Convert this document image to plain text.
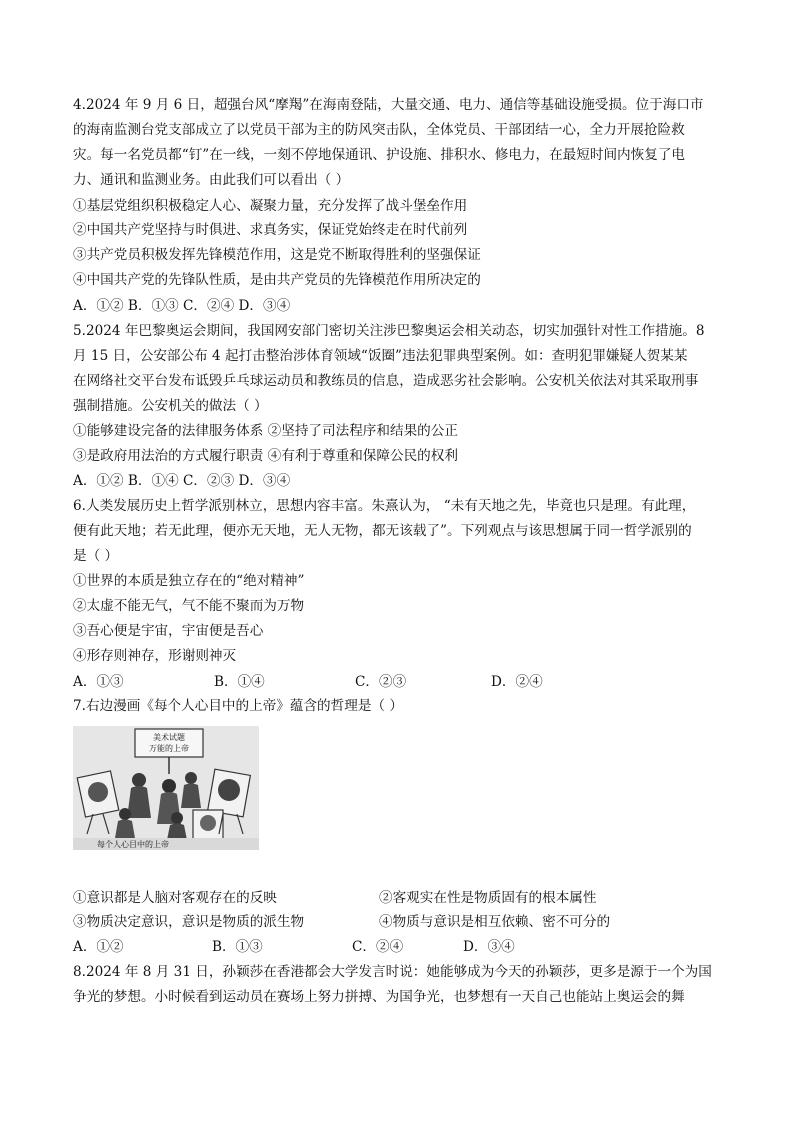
4.2024 年 9 月 6 日，超强台风“摩羯”在海南登陆，大量交通、电力、通信等基础设施受损。位于海口市
的海南监测台党支部成立了以党员干部为主的防风突击队，全体党员、干部团结一心，全力开展抢险救
灾。每一名党员都“钉”在一线，一刻不停地保通讯、护设施、排积水、修电力，在最短时间内恢复了电
力、通讯和监测业务。由此我们可以看出（ ）
①基层党组织积极稳定人心、凝聚力量，充分发挥了战斗堡垒作用
②中国共产党坚持与时俱进、求真务实，保证党始终走在时代前列
③共产党员积极发挥先锋模范作用，这是党不断取得胜利的坚强保证
④中国共产党的先锋队性质，是由共产党员的先锋模范作用所决定的
A．①② B．①③ C．②④ D．③④
5.2024 年巴黎奥运会期间，我国网安部门密切关注涉巴黎奥运会相关动态，切实加强针对性工作措施。8
月 15 日，公安部公布 4 起打击整治涉体育领域“饭圈”违法犯罪典型案例。如：查明犯罪嫌疑人贺某某
在网络社交平台发布诋毁乒乓球运动员和教练员的信息，造成恶劣社会影响。公安机关依法对其采取刑事
强制措施。公安机关的做法（ ）
①能够建设完备的法律服务体系 ②坚持了司法程序和结果的公正
③是政府用法治的方式履行职责 ④有利于尊重和保障公民的权利
A．①② B．①④ C．②③ D．③④
6.人类发展历史上哲学派别林立，思想内容丰富。朱熹认为， “未有天地之先，毕竟也只是理。有此理，
便有此天地；若无此理，便亦无天地，无人无物，都无该载了”。下列观点与该思想属于同一哲学派别的
是（ ）
①世界的本质是独立存在的“绝对精神”
②太虚不能无气，气不能不聚而为万物
③吾心便是宇宙，宇宙便是吾心
④形存则神存，形谢则神灭
A．①③	B．①④	C．②③	D．②④
7.右边漫画《每个人心目中的上帝》蕴含的哲理是（ ）
美术试题
万能的上帝
每个人心目中的上帝
①意识都是人脑对客观存在的反映	②客观实在性是物质固有的根本属性
③物质决定意识，意识是物质的派生物	④物质与意识是相互依赖、密不可分的
A．①②	B．①③	C．②④	D．③④
8.2024 年 8 月 31 日，孙颖莎在香港都会大学发言时说：她能够成为今天的孙颖莎，更多是源于一个为国
争光的梦想。小时候看到运动员在赛场上努力拼搏、为国争光，也梦想有一天自己也能站上奥运会的舞
